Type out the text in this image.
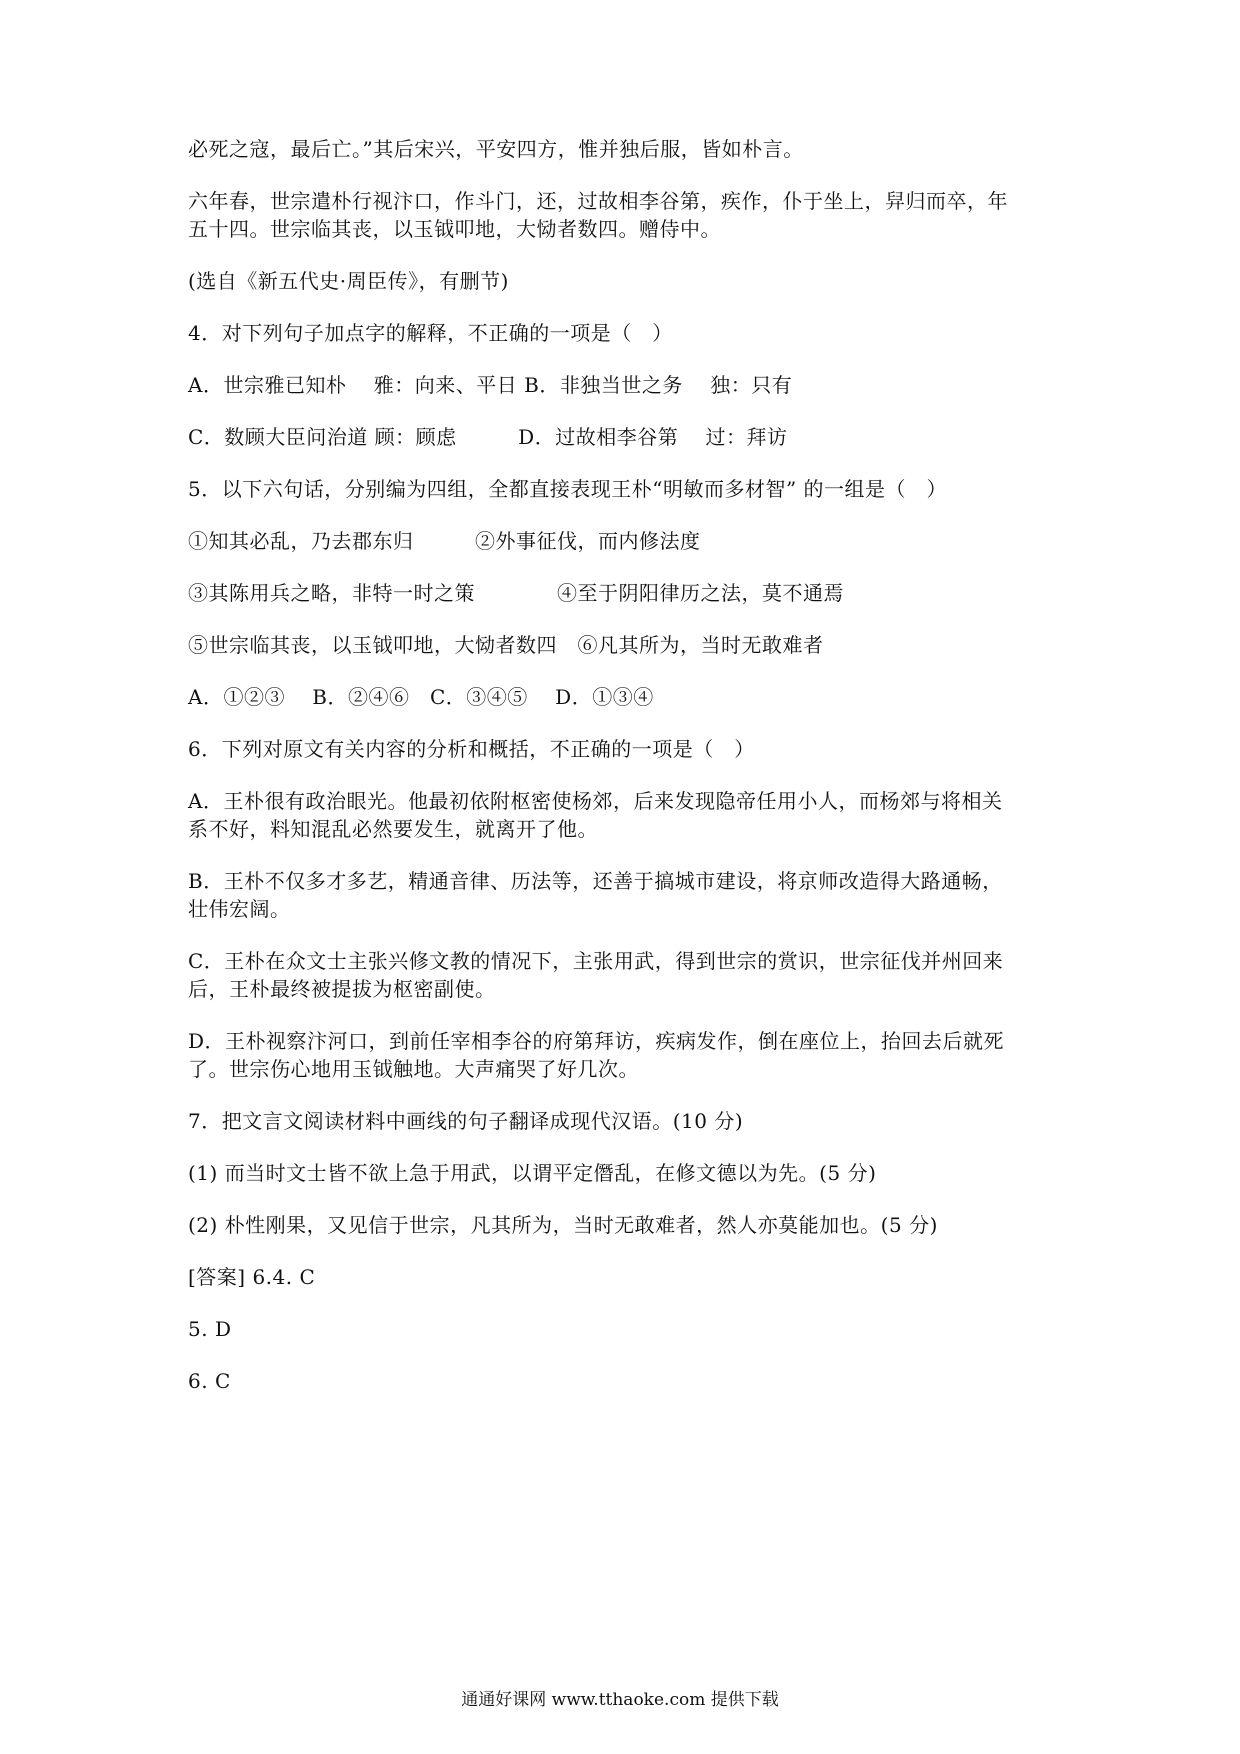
必死之寇，最后亡。”其后宋兴，平安四方，惟并独后服，皆如朴言。
六年春，世宗遣朴行视汴口，作斗门，还，过故相李谷第，疾作，仆于坐上，舁归而卒，年
五十四。世宗临其丧，以玉钺叩地，大恸者数四。赠侍中。
(选自《新五代史·周臣传》，有删节)
4．对下列句子加点字的解释，不正确的一项是（　）
A．世宗雅已知朴　 雅：向来、平日 B．非独当世之务　 独：只有
C．数顾大臣问治道 顾：顾虑　　　D．过故相李谷第　 过：拜访
5．以下六句话，分别编为四组，全都直接表现王朴“明敏而多材智” 的一组是（　）
①知其必乱，乃去郡东归　　　②外事征伐，而内修法度
③其陈用兵之略，非特一时之策　　　　④至于阴阳律历之法，莫不通焉
⑤世宗临其丧，以玉钺叩地，大恸者数四　⑥凡其所为，当时无敢难者
A．①②③　 B．②④⑥　C．③④⑤　 D．①③④
6．下列对原文有关内容的分析和概括，不正确的一项是（　）
A．王朴很有政治眼光。他最初依附枢密使杨郊，后来发现隐帝任用小人，而杨郊与将相关
系不好，料知混乱必然要发生，就离开了他。
B．王朴不仅多才多艺，精通音律、历法等，还善于搞城市建设，将京师改造得大路通畅，
壮伟宏阔。
C．王朴在众文士主张兴修文教的情况下，主张用武，得到世宗的赏识，世宗征伐并州回来
后，王朴最终被提拔为枢密副使。
D．王朴视察汴河口，到前任宰相李谷的府第拜访，疾病发作，倒在座位上，抬回去后就死
了。世宗伤心地用玉钺触地。大声痛哭了好几次。
7．把文言文阅读材料中画线的句子翻译成现代汉语。(10 分)
(1) 而当时文士皆不欲上急于用武，以谓平定僭乱，在修文德以为先。(5 分)
(2) 朴性刚果，又见信于世宗，凡其所为，当时无敢难者，然人亦莫能加也。(5 分)
[答案] 6.4. C
5. D
6. C
通通好课网 www.tthaoke.com 提供下载
